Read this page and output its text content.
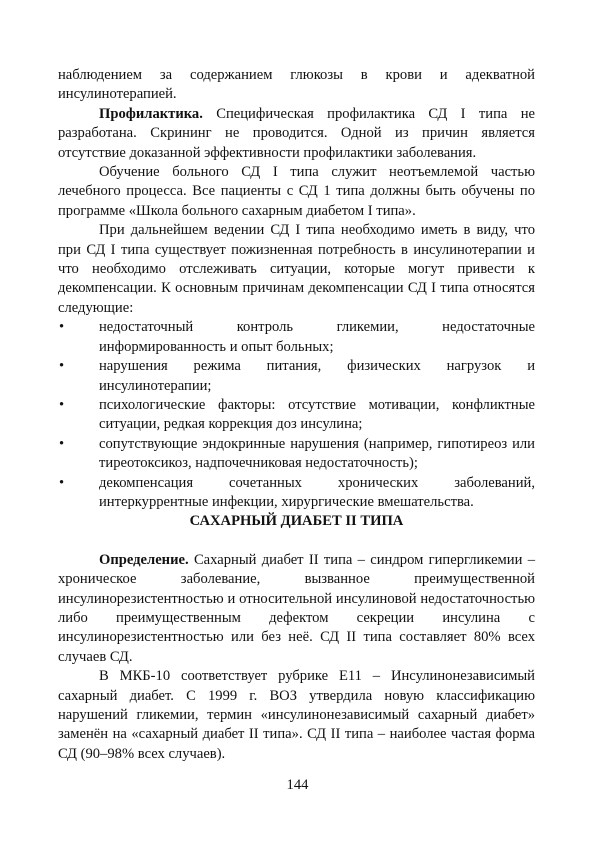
наблюдением за содержанием глюкозы в крови и адекватной инсулинотерапией.

Профилактика. Специфическая профилактика СД I типа не разработана. Скрининг не проводится. Одной из причин является отсутствие доказанной эффективности профилактики заболевания.

Обучение больного СД I типа служит неотъемлемой частью лечебного процесса. Все пациенты с СД 1 типа должны быть обучены по программе «Школа больного сахарным диабетом I типа».

При дальнейшем ведении СД I типа необходимо иметь в виду, что при СД I типа существует пожизненная потребность в инсулинотерапии и что необходимо отслеживать ситуации, которые могут привести к декомпенсации. К основным причинам декомпенсации СД I типа относятся следующие:

• недостаточный контроль гликемии, недостаточные информированность и опыт больных;
• нарушения режима питания, физических нагрузок и инсулинотерапии;
• психологические факторы: отсутствие мотивации, конфликтные ситуации, редкая коррекция доз инсулина;
• сопутствующие эндокринные нарушения (например, гипотиреоз или тиреотоксикоз, надпочечниковая недостаточность);
• декомпенсация сочетанных хронических заболеваний, интеркуррентные инфекции, хирургические вмешательства.
САХАРНЫЙ ДИАБЕТ II ТИПА

Определение. Сахарный диабет II типа – синдром гипергликемии – хроническое заболевание, вызванное преимущественной инсулинорезистентностью и относительной инсулиновой недостаточностью либо преимущественным дефектом секреции инсулина с инсулинорезистентностью или без неё. СД II типа составляет 80% всех случаев СД.

В МКБ-10 соответствует рубрике Е11 – Инсулинонезависимый сахарный диабет. С 1999 г. ВОЗ утвердила новую классификацию нарушений гликемии, термин «инсулинонезависимый сахарный диабет» заменён на «сахарный диабет II типа». СД II типа – наиболее частая форма СД (90–98% всех случаев).

144
